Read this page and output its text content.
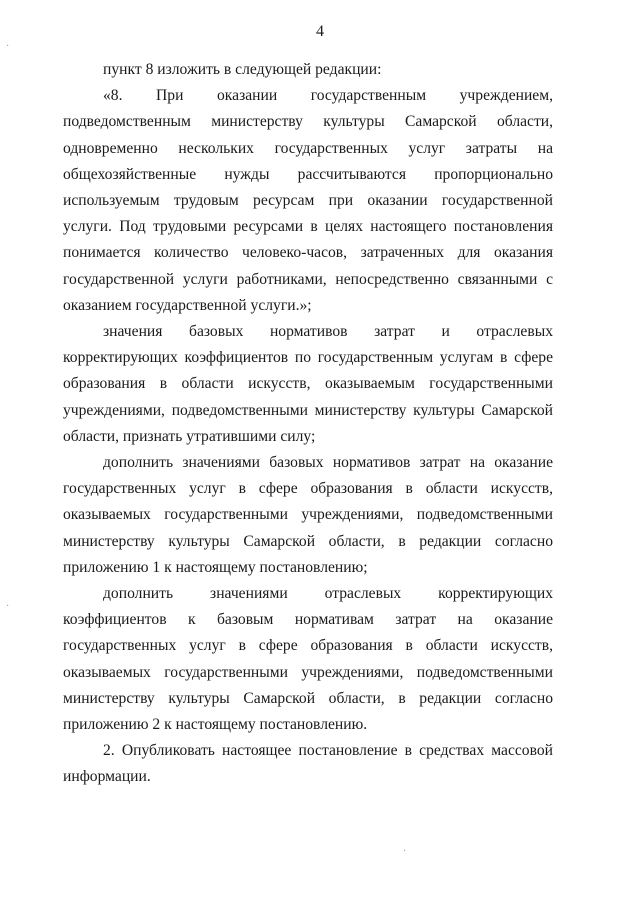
4

пункт 8 изложить в следующей редакции:

«8. При оказании государственным учреждением, подведомственным министерству культуры Самарской области, одновременно нескольких государственных услуг затраты на общехозяйственные нужды рассчитываются пропорционально используемым трудовым ресурсам при оказании государственной услуги. Под трудовыми ресурсами в целях настоящего постановления понимается количество человеко-часов, затраченных для оказания государственной услуги работниками, непосредственно связанными с оказанием государственной услуги.»;

значения базовых нормативов затрат и отраслевых корректирующих коэффициентов по государственным услугам в сфере образования в области искусств, оказываемым государственными учреждениями, подведомственными министерству культуры Самарской области, признать утратившими силу;

дополнить значениями базовых нормативов затрат на оказание государственных услуг в сфере образования в области искусств, оказываемых государственными учреждениями, подведомственными министерству культуры Самарской области, в редакции согласно приложению 1 к настоящему постановлению;

дополнить значениями отраслевых корректирующих коэффициентов к базовым нормативам затрат на оказание государственных услуг в сфере образования в области искусств, оказываемых государственными учреждениями, подведомственными министерству культуры Самарской области, в редакции согласно приложению 2 к настоящему постановлению.

2. Опубликовать настоящее постановление в средствах массовой информации.

·
·
·
